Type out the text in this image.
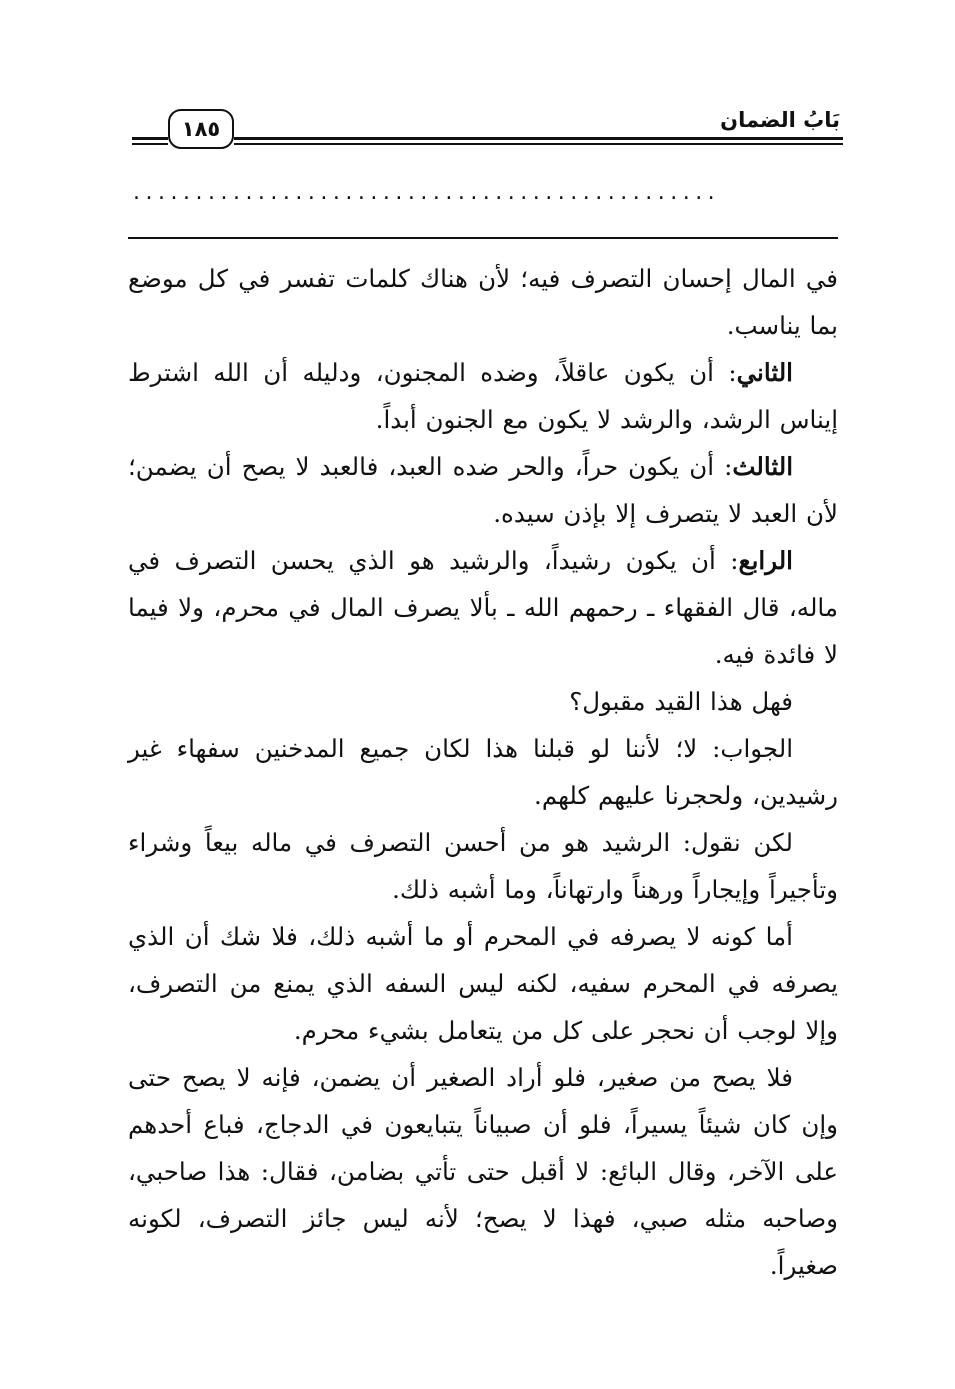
بَابُ الضمان
١٨٥
...............................................

في المال إحسان التصرف فيه؛ لأن هناك كلمات تفسر في كل موضع بما يناسب.

الثاني: أن يكون عاقلاً، وضده المجنون، ودليله أن الله اشترط إيناس الرشد، والرشد لا يكون مع الجنون أبداً.

الثالث: أن يكون حراً، والحر ضده العبد، فالعبد لا يصح أن يضمن؛ لأن العبد لا يتصرف إلا بإذن سيده.

الرابع: أن يكون رشيداً، والرشيد هو الذي يحسن التصرف في ماله، قال الفقهاء ـ رحمهم الله ـ بألا يصرف المال في محرم، ولا فيما لا فائدة فيه.

فهل هذا القيد مقبول؟

الجواب: لا؛ لأننا لو قبلنا هذا لكان جميع المدخنين سفهاء غير رشيدين، ولحجرنا عليهم كلهم.

لكن نقول: الرشيد هو من أحسن التصرف في ماله بيعاً وشراء وتأجيراً وإيجاراً ورهناً وارتهاناً، وما أشبه ذلك.

أما كونه لا يصرفه في المحرم أو ما أشبه ذلك، فلا شك أن الذي يصرفه في المحرم سفيه، لكنه ليس السفه الذي يمنع من التصرف، وإلا لوجب أن نحجر على كل من يتعامل بشيء محرم.

فلا يصح من صغير، فلو أراد الصغير أن يضمن، فإنه لا يصح حتى وإن كان شيئاً يسيراً، فلو أن صبياناً يتبايعون في الدجاج، فباع أحدهم على الآخر، وقال البائع: لا أقبل حتى تأتي بضامن، فقال: هذا صاحبي، وصاحبه مثله صبي، فهذا لا يصح؛ لأنه ليس جائز التصرف، لكونه صغيراً.
